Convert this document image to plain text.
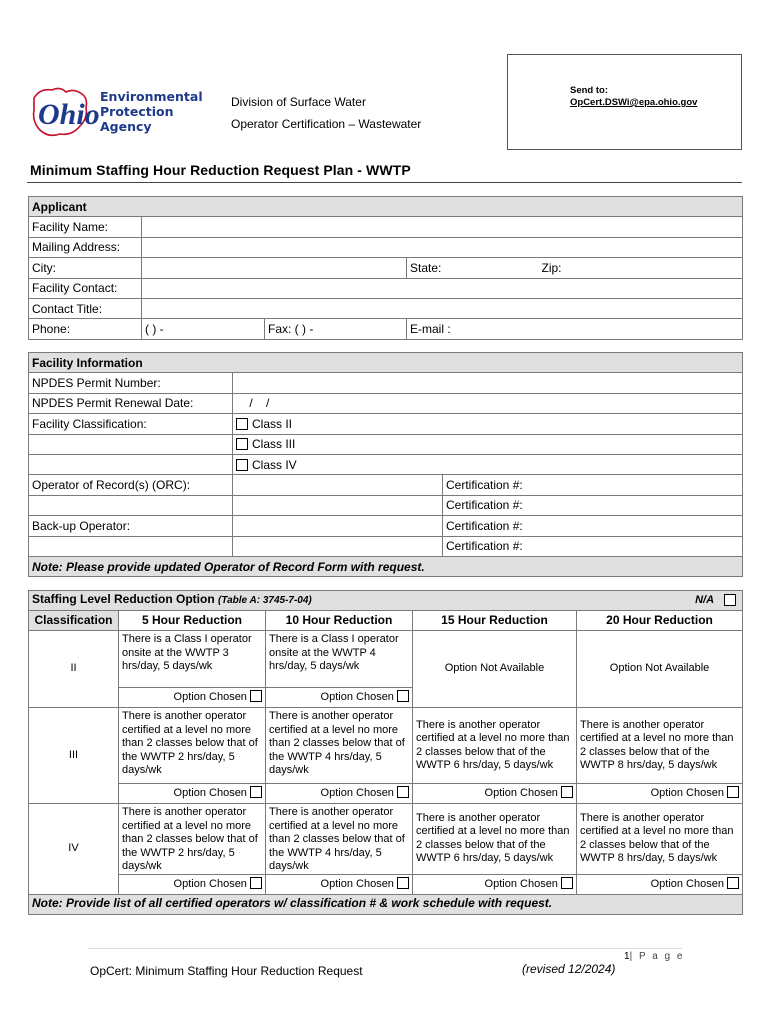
Ohio
Environmental
Protection
Agency
Division of Surface Water
Operator Certification – Wastewater
Send to:
OpCert.DSWi@epa.ohio.gov
Minimum Staffing Hour Reduction Request Plan - WWTP
Applicant				
Facility Name:				
Mailing Address:				
City:			State:	Zip:
Facility Contact:				
Contact Title:				
Phone:	( ) -	Fax: ( ) -	E-mail :	
Facility Information		
NPDES Permit Number:		
NPDES Permit Renewal Date:	/    /	
Facility Classification:	Class II	
	Class III	
	Class IV	
Operator of Record(s) (ORC):		Certification #:
		Certification #:
Back-up Operator:		Certification #:
		Certification #:
Note: Please provide updated Operator of Record Form with request.		
Staffing Level Reduction Option (Table A: 3745-7-04) N/A				

Classification	5 Hour Reduction	10 Hour Reduction	15 Hour Reduction	20 Hour Reduction
II	There is a Class I operator onsite at the WWTP 3 hrs/day, 5 days/wk	There is a Class I operator onsite at the WWTP 4 hrs/day, 5 days/wk	Option Not Available	Option Not Available
	Option Chosen	Option Chosen		
III	There is another operator certified at a level no more than 2 classes below that of the WWTP 2 hrs/day, 5 days/wk	There is another operator certified at a level no more than 2 classes below that of the WWTP 4 hrs/day, 5 days/wk	There is another operator certified at a level no more than 2 classes below that of the WWTP 6 hrs/day, 5 days/wk	There is another operator certified at a level no more than 2 classes below that of the WWTP 8 hrs/day, 5 days/wk
	Option Chosen	Option Chosen	Option Chosen	Option Chosen
IV	There is another operator certified at a level no more than 2 classes below that of the WWTP 2 hrs/day, 5 days/wk	There is another operator certified at a level no more than 2 classes below that of the WWTP 4 hrs/day, 5 days/wk	There is another operator certified at a level no more than 2 classes below that of the WWTP 6 hrs/day, 5 days/wk	There is another operator certified at a level no more than 2 classes below that of the WWTP 8 hrs/day, 5 days/wk
	Option Chosen	Option Chosen	Option Chosen	Option Chosen
Note: Provide list of all certified operators w/ classification # & work schedule with request.				
1| P a g e
OpCert: Minimum Staffing Hour Reduction Request	(revised 12/2024)
